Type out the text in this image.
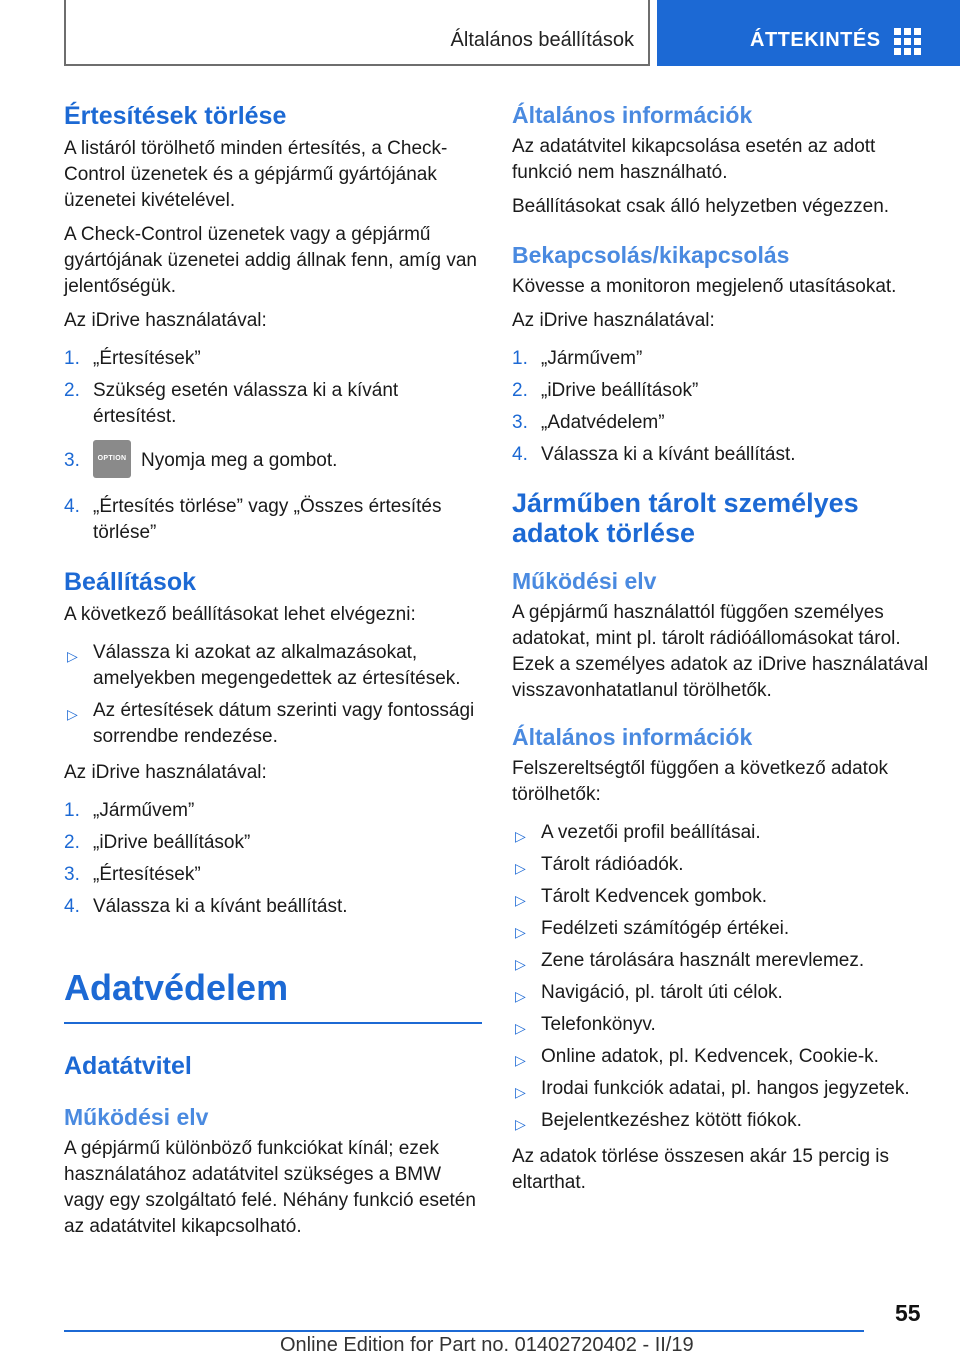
Általános beállítások	ÁTTEKINTÉS
Értesítések törlése

A listáról törölhető minden értesítés, a Check-Control üzenetek és a gépjármű gyártójának üzenetei kivételével.

A Check-Control üzenetek vagy a gépjármű gyártójának üzenetei addig állnak fenn, amíg van jelentőségük.

Az iDrive használatával:

1. „Értesítések”
2. Szükség esetén válassza ki a kívánt értesítést.
3.	OPTION Nyomja meg a gombot.
4. „Értesítés törlése” vagy „Összes értesítés törlése”
Beállítások

A következő beállításokat lehet elvégezni:

▷ Válassza ki azokat az alkalmazásokat, amelyekben megengedettek az értesítések.
▷ Az értesítések dátum szerinti vagy fontossági sorrendbe rendezése.

Az iDrive használatával:

1. „Járművem”
2. „iDrive beállítások”
3. „Értesítések”
4. Válassza ki a kívánt beállítást.
Adatvédelem
Adatátvitel
Működési elv

A gépjármű különböző funkciókat kínál; ezek használatához adatátvitel szükséges a BMW vagy egy szolgáltató felé. Néhány funkció esetén az adatátvitel kikapcsolható.

Általános információk

Az adatátvitel kikapcsolása esetén az adott funkció nem használható.

Beállításokat csak álló helyzetben végezzen.

Bekapcsolás/kikapcsolás

Kövesse a monitoron megjelenő utasításokat.

Az iDrive használatával:

1. „Járművem”
2. „iDrive beállítások”
3. „Adatvédelem”
4. Válassza ki a kívánt beállítást.
Járműben tárolt személyes adatok törlése
Működési elv

A gépjármű használattól függően személyes adatokat, mint pl. tárolt rádióállomásokat tárol. Ezek a személyes adatok az iDrive használatával visszavonhatatlanul törölhetők.

Általános információk

Felszereltségtől függően a következő adatok törölhetők:

▷ A vezetői profil beállításai.
▷ Tárolt rádióadók.
▷ Tárolt Kedvencek gombok.
▷ Fedélzeti számítógép értékei.
▷ Zene tárolására használt merevlemez.
▷ Navigáció, pl. tárolt úti célok.
▷ Telefonkönyv.
▷ Online adatok, pl. Kedvencek, Cookie-k.
▷ Irodai funkciók adatai, pl. hangos jegyzetek.
▷ Bejelentkezéshez kötött fiókok.

Az adatok törlése összesen akár 15 percig is eltarthat.

55
Online Edition for Part no. 01402720402 - II/19
